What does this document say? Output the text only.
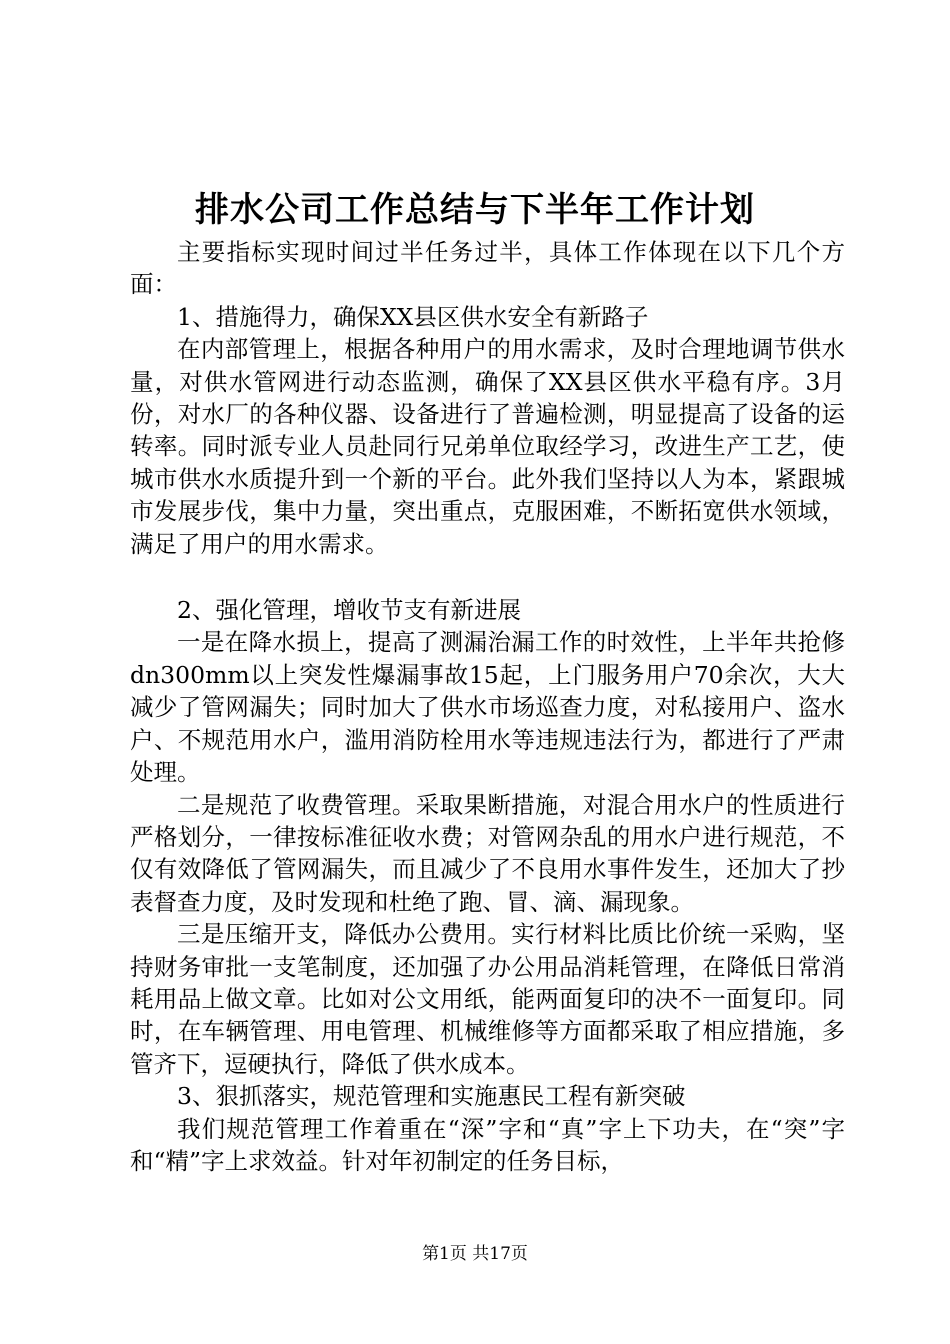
排水公司工作总结与下半年工作计划

主要指标实现时间过半任务过半，具体工作体现在以下几个方面：

1、措施得力，确保XX县区供水安全有新路子

在内部管理上，根据各种用户的用水需求，及时合理地调节供水量，对供水管网进行动态监测，确保了XX县区供水平稳有序。3月份，对水厂的各种仪器、设备进行了普遍检测，明显提高了设备的运转率。同时派专业人员赴同行兄弟单位取经学习，改进生产工艺，使城市供水水质提升到一个新的平台。此外我们坚持以人为本，紧跟城市发展步伐，集中力量，突出重点，克服困难，不断拓宽供水领域，满足了用户的用水需求。

2、强化管理，增收节支有新进展

一是在降水损上，提高了测漏治漏工作的时效性，上半年共抢修dn300mm以上突发性爆漏事故15起，上门服务用户70余次，大大减少了管网漏失；同时加大了供水市场巡查力度，对私接用户、盗水户、不规范用水户，滥用消防栓用水等违规违法行为，都进行了严肃处理。

二是规范了收费管理。采取果断措施，对混合用水户的性质进行严格划分，一律按标准征收水费；对管网杂乱的用水户进行规范，不仅有效降低了管网漏失，而且减少了不良用水事件发生，还加大了抄表督查力度，及时发现和杜绝了跑、冒、滴、漏现象。

三是压缩开支，降低办公费用。实行材料比质比价统一采购，坚持财务审批一支笔制度，还加强了办公用品消耗管理，在降低日常消耗用品上做文章。比如对公文用纸，能两面复印的决不一面复印。同时，在车辆管理、用电管理、机械维修等方面都采取了相应措施，多管齐下，逗硬执行，降低了供水成本。

3、狠抓落实，规范管理和实施惠民工程有新突破

我们规范管理工作着重在“深”字和“真”字上下功夫，在“突”字和“精”字上求效益。针对年初制定的任务目标，

第1页 共17页
